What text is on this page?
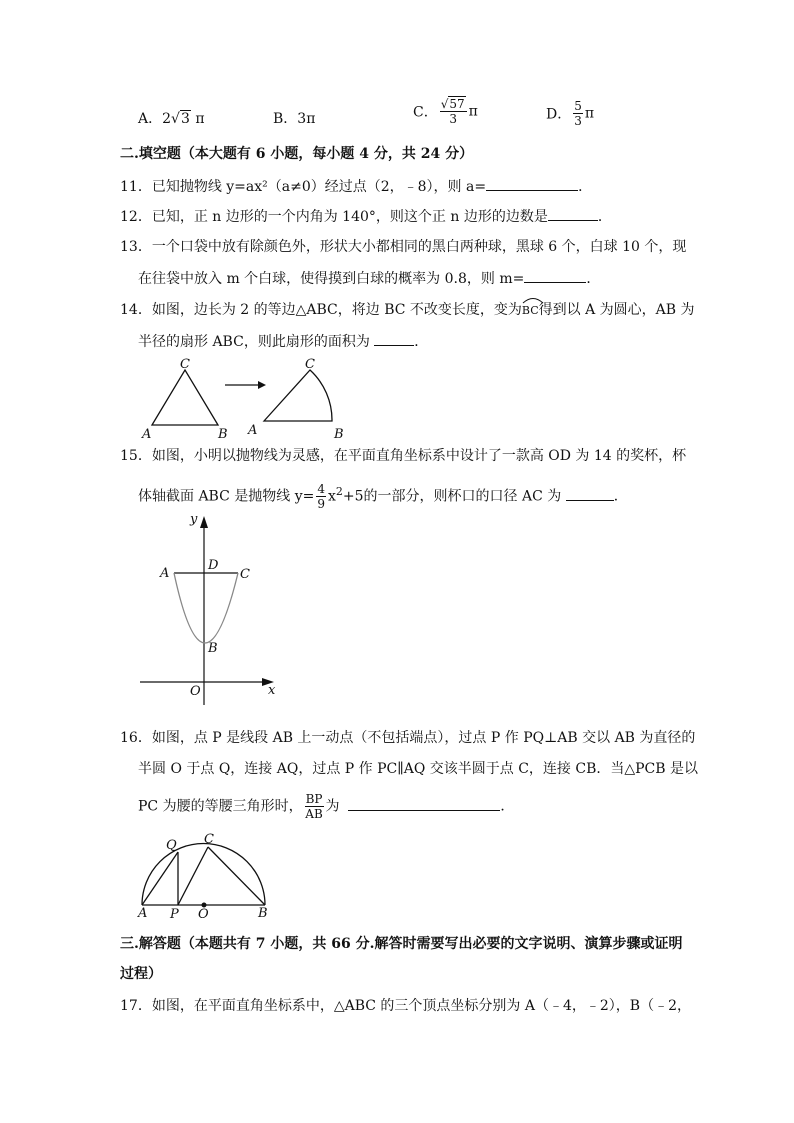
A．2√3 π	B．3π	C． $\frac{√57}{3}$ π	D． $\frac{5}{3}$ π
二.填空题（本大题有 6 小题，每小题 4 分，共 24 分）
11．已知抛物线 y=ax²（a≠0）经过点（2，﹣8），则 a=	．
12．已知，正 n 边形的一个内角为 140°，则这个正 n 边形的边数是	．
13．一个口袋中放有除颜色外，形状大小都相同的黑白两种球，黑球 6 个，白球 10 个，现
在往袋中放入 m 个白球，使得摸到白球的概率为 0.8，则 m=	．
14．如图，边长为 2 的等边△ABC，将边 BC 不改变长度，变为
BC得到以 A 为圆心，AB 为
半径的扇形 ABC，则此扇形的面积为	．
C
A	B
C
A	B
15．如图，小明以抛物线为灵感，在平面直角坐标系中设计了一款高 OD 为 14 的奖杯，杯
体轴截面 ABC 是抛物线 $y= \frac{4}{9} x^2+5$的一部分，则杯口的口径 AC 为	．
y
x
O
A
D
C
B
16．如图，点 P 是线段 AB 上一动点（不包括端点），过点 P 作 PQ⊥AB 交以 AB 为直径的
半圆 O 于点 Q，连接 AQ，过点 P 作 PC∥AQ 交该半圆于点 C，连接 CB．当△PCB 是以
PC 为腰的等腰三角形时， $\frac{BP}{AB}$ 为	．
Q C
A P O	B
三.解答题（本题共有 7 小题，共 66 分.解答时需要写出必要的文字说明、演算步骤或证明
过程）
17．如图，在平面直角坐标系中，△ABC 的三个顶点坐标分别为 A（﹣4，﹣2），B（﹣2，
